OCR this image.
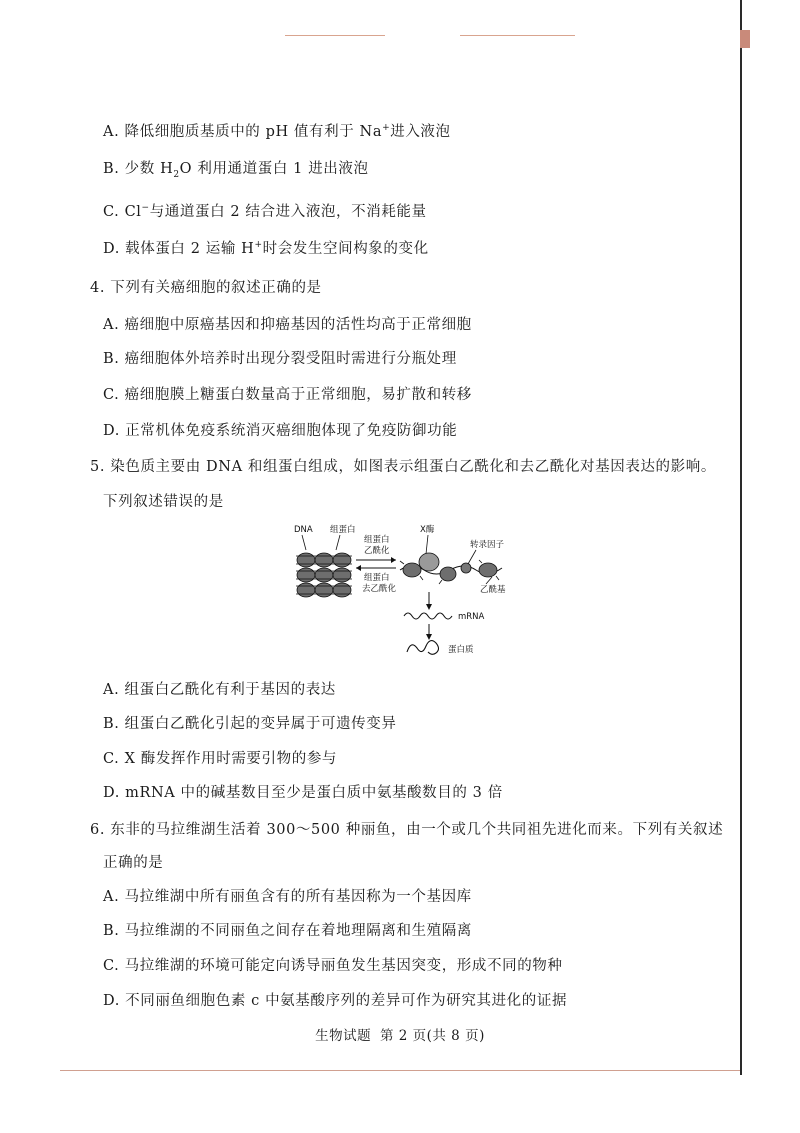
A. 降低细胞质基质中的 pH 值有利于 Na+进入液泡
B. 少数 $H_2O$ 利用通道蛋白 1 进出液泡
C. Cl−与通道蛋白 2 结合进入液泡，不消耗能量
D. 载体蛋白 2 运输 H+时会发生空间构象的变化
4. 下列有关癌细胞的叙述正确的是
A. 癌细胞中原癌基因和抑癌基因的活性均高于正常细胞
B. 癌细胞体外培养时出现分裂受阻时需进行分瓶处理
C. 癌细胞膜上糖蛋白数量高于正常细胞，易扩散和转移
D. 正常机体免疫系统消灭癌细胞体现了免疫防御功能
5. 染色质主要由 DNA 和组蛋白组成，如图表示组蛋白乙酰化和去乙酰化对基因表达的影响。
下列叙述错误的是
DNA 组蛋白
组蛋白
乙酰化
组蛋白
去乙酰化
X酶
转录因子
乙酰基
mRNA
蛋白质
A. 组蛋白乙酰化有利于基因的表达
B. 组蛋白乙酰化引起的变异属于可遗传变异
C. X 酶发挥作用时需要引物的参与
D. mRNA 中的碱基数目至少是蛋白质中氨基酸数目的 3 倍
6. 东非的马拉维湖生活着 300～500 种丽鱼，由一个或几个共同祖先进化而来。下列有关叙述
正确的是
A. 马拉维湖中所有丽鱼含有的所有基因称为一个基因库
B. 马拉维湖的不同丽鱼之间存在着地理隔离和生殖隔离
C. 马拉维湖的环境可能定向诱导丽鱼发生基因突变，形成不同的物种
D. 不同丽鱼细胞色素 c 中氨基酸序列的差异可作为研究其进化的证据
生物试题 第 2 页(共 8 页)
